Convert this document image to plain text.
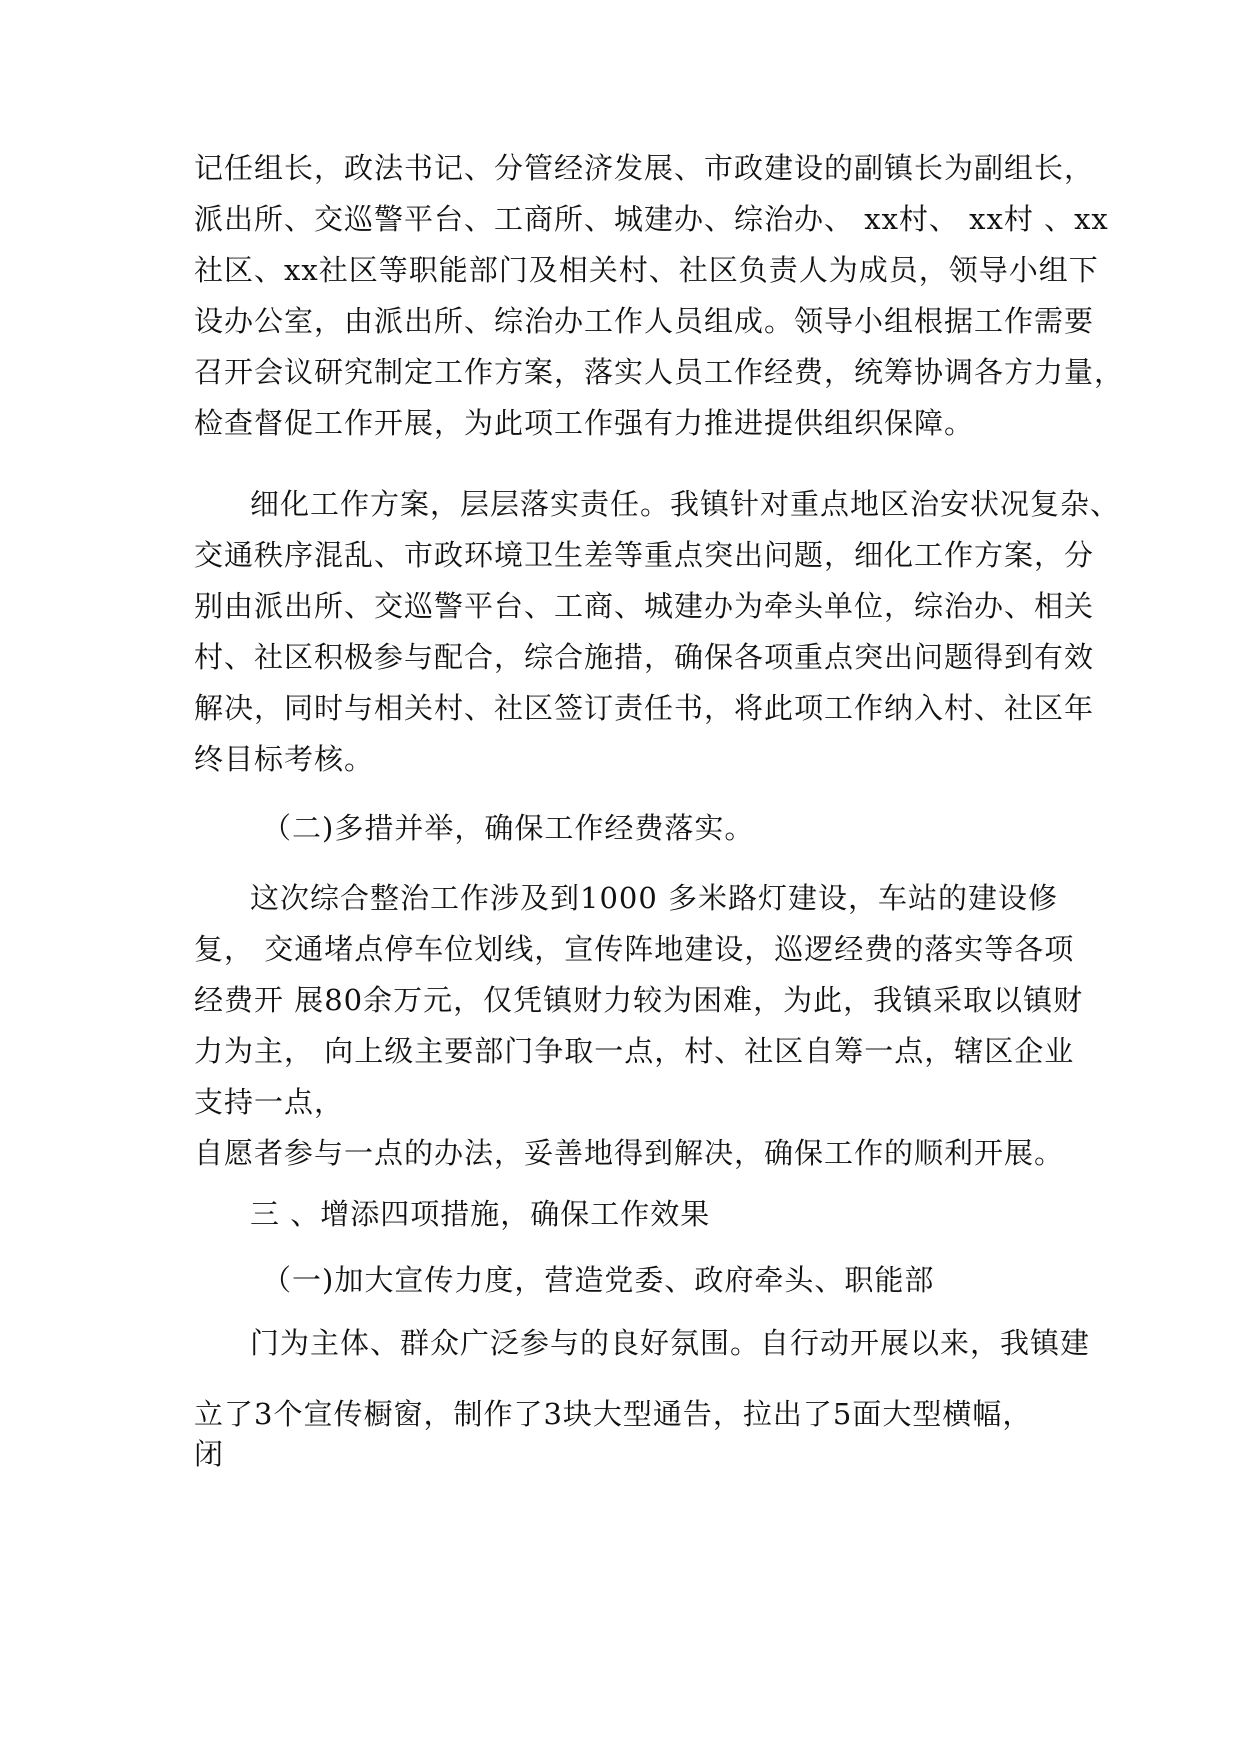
记任组长，政法书记、分管经济发展、市政建设的副镇长为副组长，
派出所、交巡警平台、工商所、城建办、综治办、 xx村、 xx村 、xx
社区、xx社区等职能部门及相关村、社区负责人为成员，领导小组下
设办公室，由派出所、综治办工作人员组成。领导小组根据工作需要
召开会议研究制定工作方案，落实人员工作经费，统筹协调各方力量，
检查督促工作开展，为此项工作强有力推进提供组织保障。
细化工作方案，层层落实责任。我镇针对重点地区治安状况复杂、
交通秩序混乱、市政环境卫生差等重点突出问题，细化工作方案，分
别由派出所、交巡警平台、工商、城建办为牵头单位，综治办、相关
村、社区积极参与配合，综合施措，确保各项重点突出问题得到有效
解决，同时与相关村、社区签订责任书，将此项工作纳入村、社区年
终目标考核。
（二)多措并举，确保工作经费落实。
这次综合整治工作涉及到1000 多米路灯建设，车站的建设修
复， 交通堵点停车位划线，宣传阵地建设，巡逻经费的落实等各项
经费开 展80余万元，仅凭镇财力较为困难，为此，我镇采取以镇财
力为主， 向上级主要部门争取一点，村、社区自筹一点，辖区企业
支持一点，
自愿者参与一点的办法，妥善地得到解决，确保工作的顺利开展。
三 、增添四项措施，确保工作效果
（一)加大宣传力度，营造党委、政府牵头、职能部
门为主体、群众广泛参与的良好氛围。自行动开展以来，我镇建
立了3个宣传橱窗，制作了3块大型通告，拉出了5面大型横幅，
闭
